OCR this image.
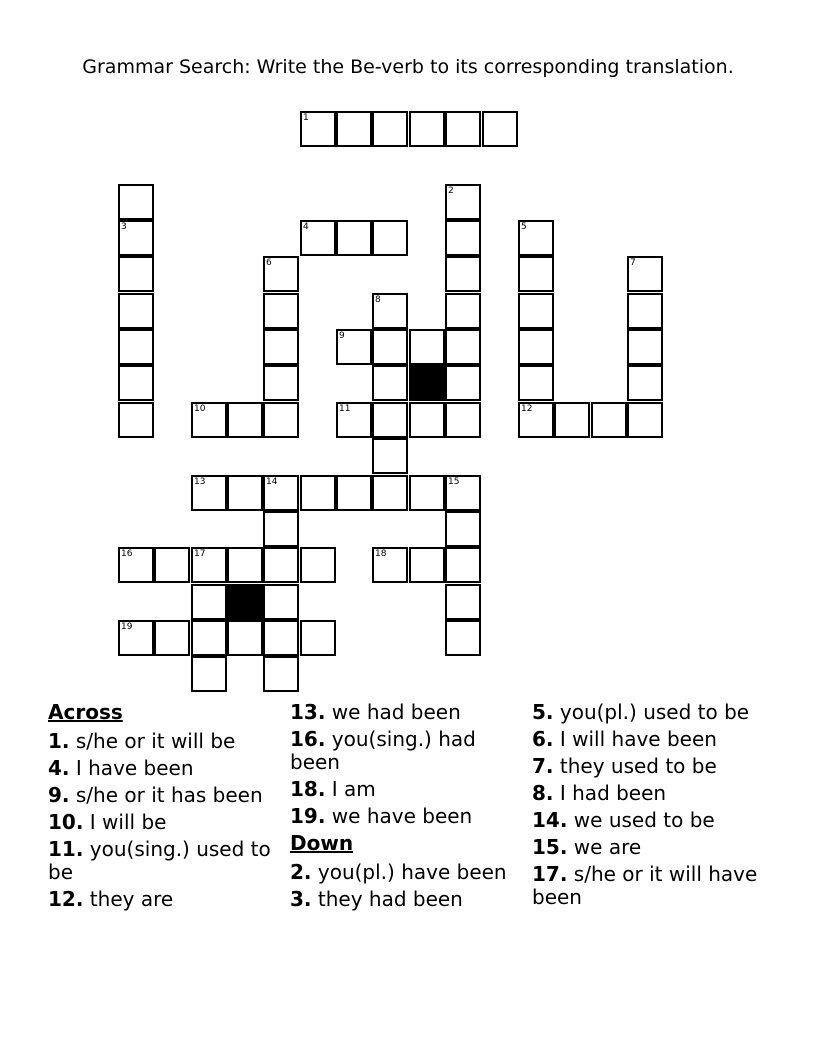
Grammar Search: Write the Be-verb to its corresponding translation.
1
3	4
2
5
12
6	7
8
9
10	11
13	14	15
16	17	18
19

Across

1. s/he or it will be

4. I have been

9. s/he or it has been

10. I will be

11. you(sing.) used to be

12. they are

13. we had been

16. you(sing.) had been

18. I am

19. we have been

Down

2. you(pl.) have been

3. they had been

5. you(pl.) used to be

6. I will have been

7. they used to be

8. I had been

14. we used to be

15. we are

17. s/he or it will have been
